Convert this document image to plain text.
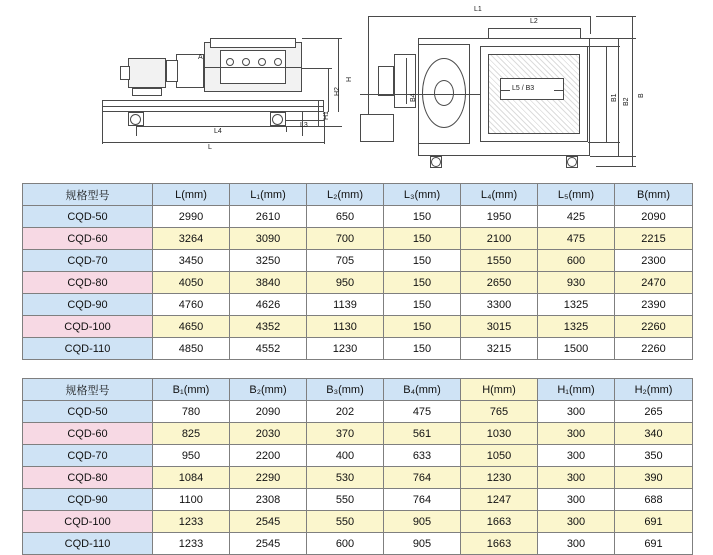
L
L4
L3
H
H2
H1
A
L1
L2
L5 / B3
B1 B2
B
B4
规格型号	L(mm)	L₁(mm)	L₂(mm)	L₃(mm)	L₄(mm)	L₅(mm)	B(mm)
CQD-50	2990	2610	650	150	1950	425	2090
CQD-60	3264	3090	700	150	2100	475	2215
CQD-70	3450	3250	705	150	1550	600	2300
CQD-80	4050	3840	950	150	2650	930	2470
CQD-90	4760	4626	1139	150	3300	1325	2390
CQD-100	4650	4352	1130	150	3015	1325	2260
CQD-110	4850	4552	1230	150	3215	1500	2260
规格型号	B₁(mm)	B₂(mm)	B₃(mm)	B₄(mm)	H(mm)	H₁(mm)	H₂(mm)
CQD-50	780	2090	202	475	765	300	265
CQD-60	825	2030	370	561	1030	300	340
CQD-70	950	2200	400	633	1050	300	350
CQD-80	1084	2290	530	764	1230	300	390
CQD-90	1100	2308	550	764	1247	300	688
CQD-100	1233	2545	550	905	1663	300	691
CQD-110	1233	2545	600	905	1663	300	691
